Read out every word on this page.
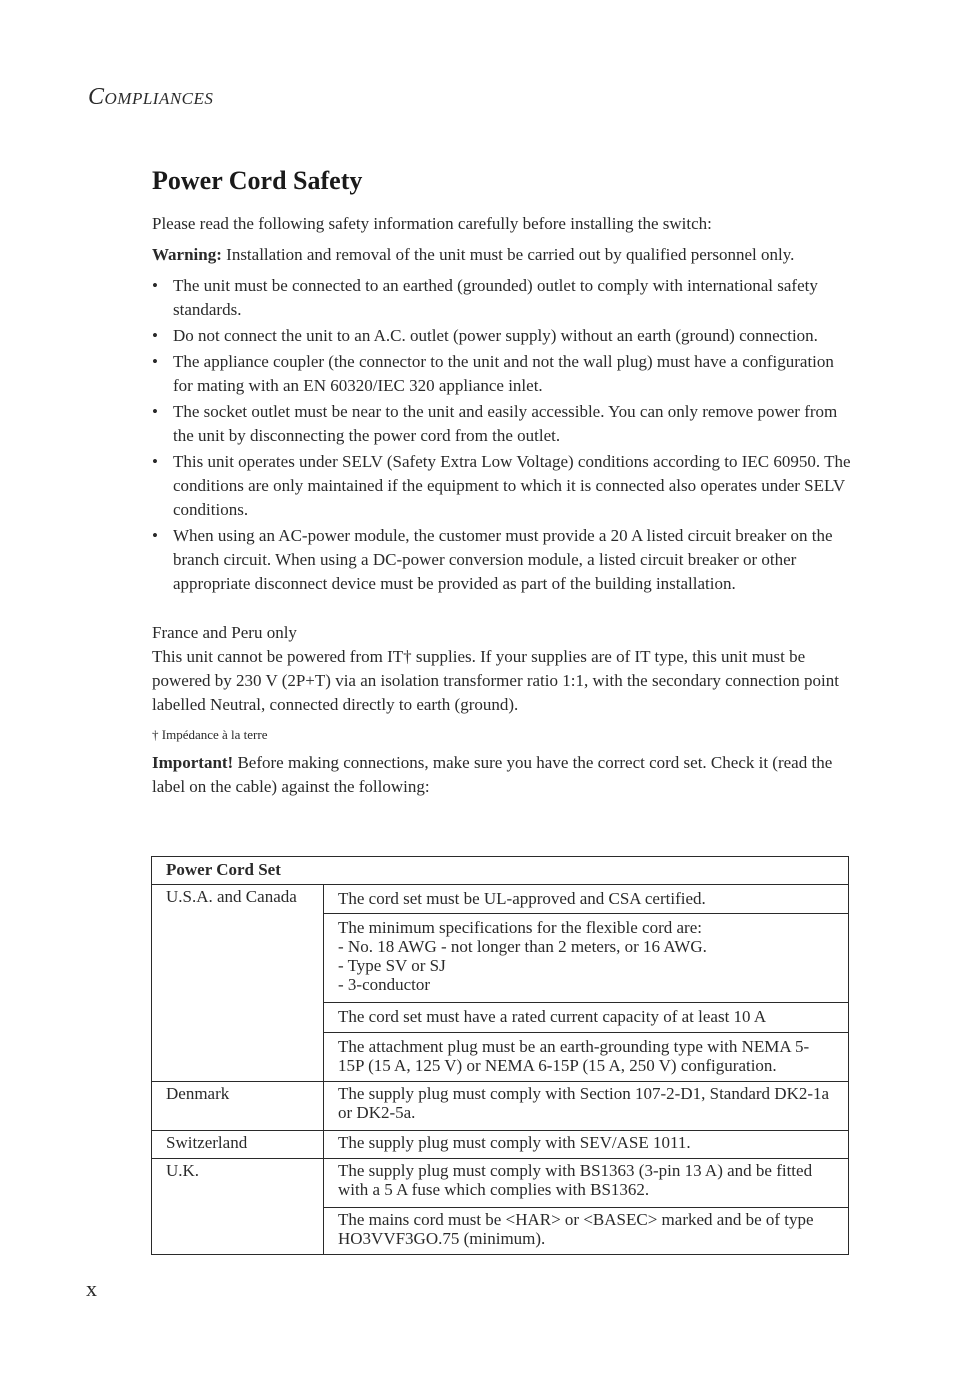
COMPLIANCES
Power Cord Safety

Please read the following safety information carefully before installing the switch:

Warning: Installation and removal of the unit must be carried out by qualified personnel only.

• The unit must be connected to an earthed (grounded) outlet to comply with international safety standards.
• Do not connect the unit to an A.C. outlet (power supply) without an earth (ground) connection.
• The appliance coupler (the connector to the unit and not the wall plug) must have a configuration for mating with an EN 60320/IEC 320 appliance inlet.
• The socket outlet must be near to the unit and easily accessible. You can only remove power from the unit by disconnecting the power cord from the outlet.
• This unit operates under SELV (Safety Extra Low Voltage) conditions according to IEC 60950. The conditions are only maintained if the equipment to which it is connected also operates under SELV conditions.
• When using an AC-power module, the customer must provide a 20 A listed circuit breaker on the branch circuit. When using a DC-power conversion module, a listed circuit breaker or other appropriate disconnect device must be provided as part of the building installation.

France and Peru only

This unit cannot be powered from IT† supplies. If your supplies are of IT type, this unit must be powered by 230 V (2P+T) via an isolation transformer ratio 1:1, with the secondary connection point labelled Neutral, connected directly to earth (ground).

† Impédance à la terre

Important! Before making connections, make sure you have the correct cord set. Check it (read the label on the cable) against the following:

Power Cord Set	
U.S.A. and Canada	The cord set must be UL-approved and CSA certified.

	The minimum specifications for the flexible cord are:
- No. 18 AWG - not longer than 2 meters, or 16 AWG.
- Type SV or SJ
- 3-conductor

	The cord set must have a rated current capacity of at least 10 A
	The attachment plug must be an earth-grounding type with NEMA 5-15P (15 A, 125 V) or NEMA 6-15P (15 A, 250 V) configuration.
Denmark	The supply plug must comply with Section 107-2-D1, Standard DK2-1a or DK2-5a.
Switzerland	The supply plug must comply with SEV/ASE 1011.
U.K.	The supply plug must comply with BS1363 (3-pin 13 A) and be fitted with a 5 A fuse which complies with BS1362.
	The mains cord must be <HAR> or <BASEC> marked and be of type HO3VVF3GO.75 (minimum).
x
